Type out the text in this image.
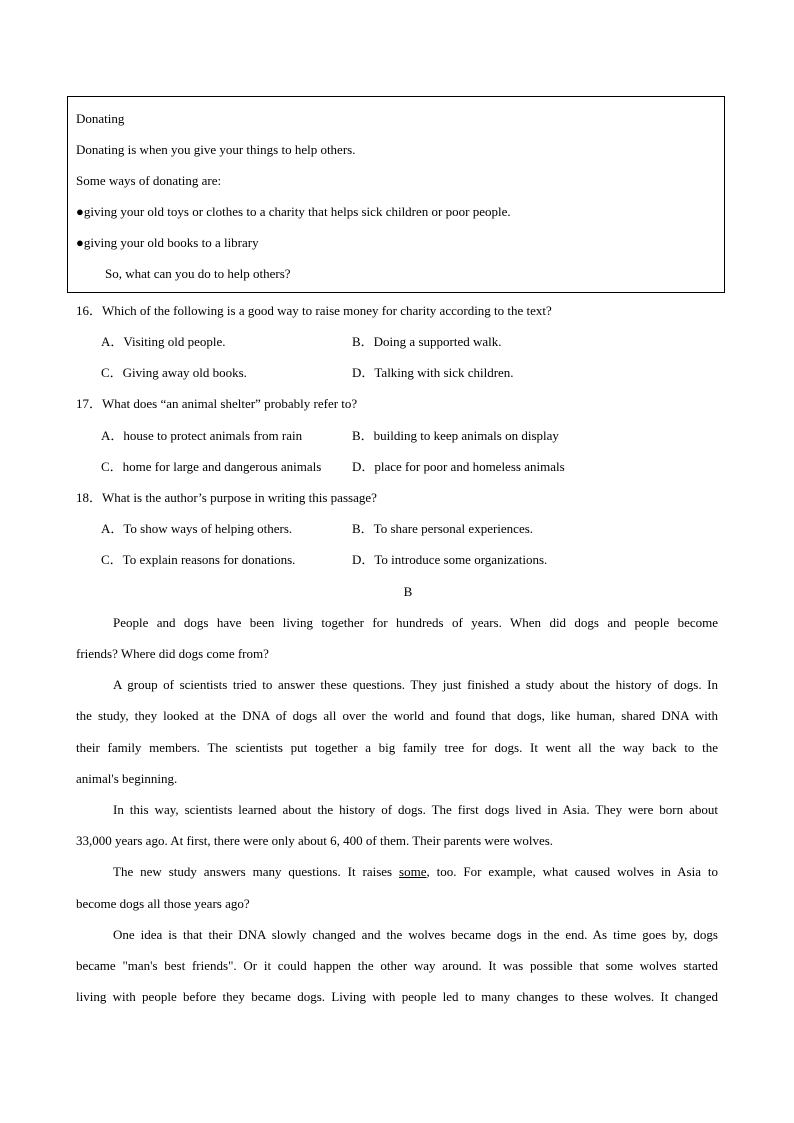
Donating
Donating is when you give your things to help others.
Some ways of donating are:
●giving your old toys or clothes to a charity that helps sick children or poor people.
●giving your old books to a library
So, what can you do to help others?
16．Which of the following is a good way to raise money for charity according to the text?
A．Visiting old people.	B．Doing a supported walk.
C．Giving away old books.	D．Talking with sick children.
17．What does “an animal shelter” probably refer to?
A．house to protect animals from rain	B．building to keep animals on display
C．home for large and dangerous animals D．place for poor and homeless animals
18．What is the author’s purpose in writing this passage?
A．To show ways of helping others.	B．To share personal experiences.
C．To explain reasons for donations.	D．To introduce some organizations.
B
People and dogs have been living together for hundreds of years. When did dogs and people become
friends? Where did dogs come from?
A group of scientists tried to answer these questions. They just finished a study about the history of dogs. In
the study, they looked at the DNA of dogs all over the world and found that dogs, like human, shared DNA with
their family members. The scientists put together a big family tree for dogs. It went all the way back to the
animal's beginning.
In this way, scientists learned about the history of dogs. The first dogs lived in Asia. They were born about
33,000 years ago. At first, there were only about 6, 400 of them. Their parents were wolves.
The new study answers many questions. It raises some, too. For example, what caused wolves in Asia to
become dogs all those years ago?
One idea is that their DNA slowly changed and the wolves became dogs in the end. As time goes by, dogs
became "man's best friends". Or it could happen the other way around. It was possible that some wolves started
living with people before they became dogs. Living with people led to many changes to these wolves. It changed
